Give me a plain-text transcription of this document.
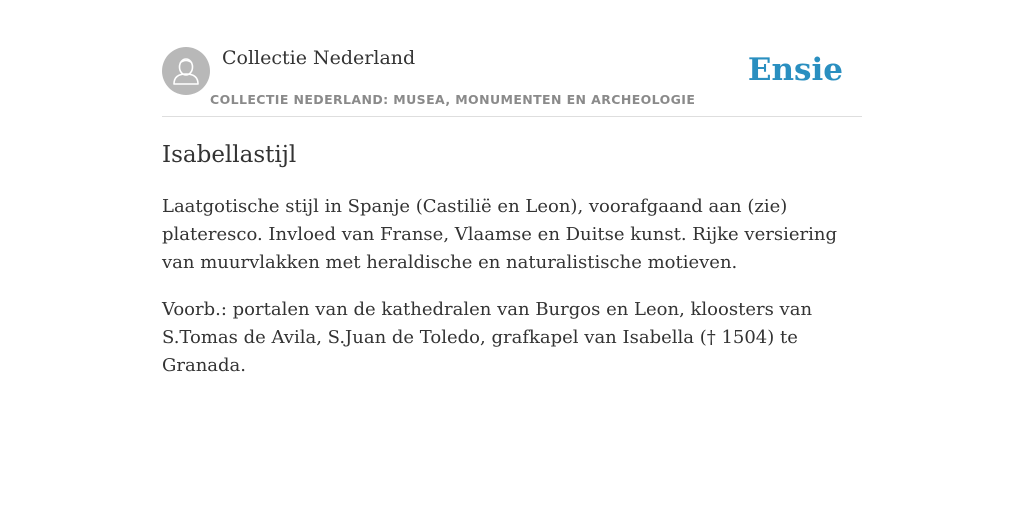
Collectie Nederland
COLLECTIE NEDERLAND: MUSEA, MONUMENTEN EN ARCHEOLOGIE
Ensie
Isabellastijl

Laatgotische stijl in Spanje (Castilië en Leon), voorafgaand aan (zie) plateresco. Invloed van Franse, Vlaamse en Duitse kunst. Rijke versiering van muurvlakken met heraldische en naturalistische motieven.

Voorb.: portalen van de kathedralen van Burgos en Leon, kloosters van S.Tomas de Avila, S.Juan de Toledo, grafkapel van Isabella († 1504) te Granada.
